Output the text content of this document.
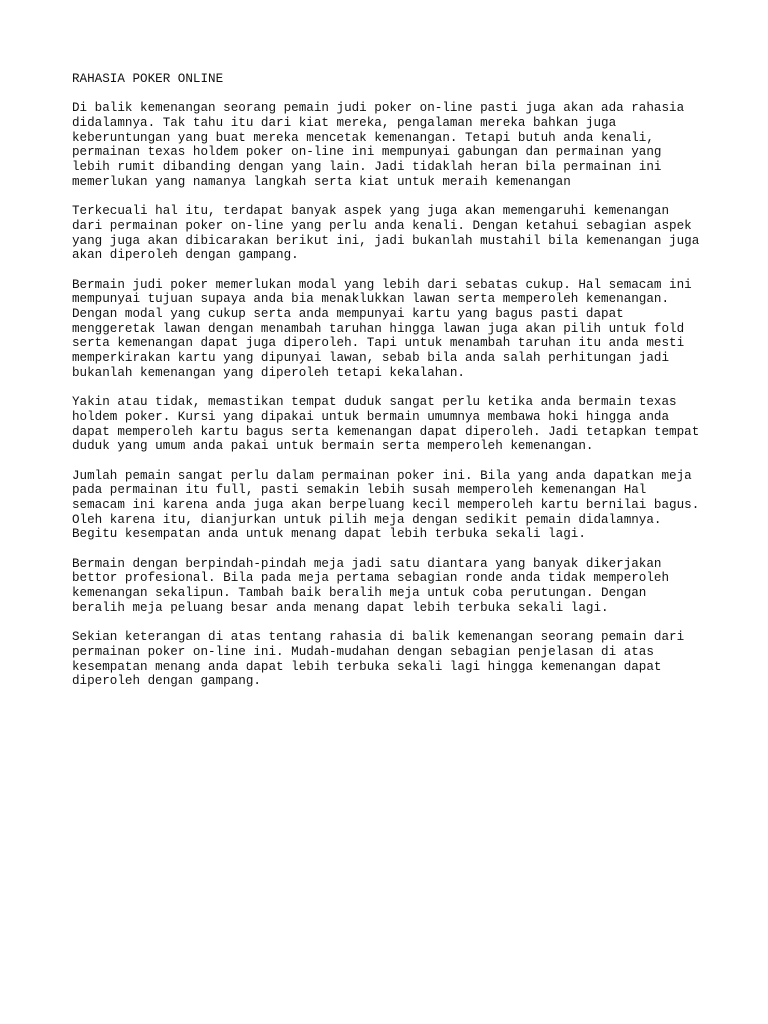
RAHASIA POKER ONLINE
Di balik kemenangan seorang pemain judi poker on-line pasti juga akan ada rahasia
didalamnya. Tak tahu itu dari kiat mereka, pengalaman mereka bahkan juga
keberuntungan yang buat mereka mencetak kemenangan. Tetapi butuh anda kenali,
permainan texas holdem poker on-line ini mempunyai gabungan dan permainan yang
lebih rumit dibanding dengan yang lain. Jadi tidaklah heran bila permainan ini
memerlukan yang namanya langkah serta kiat untuk meraih kemenangan
Terkecuali hal itu, terdapat banyak aspek yang juga akan memengaruhi kemenangan
dari permainan poker on-line yang perlu anda kenali. Dengan ketahui sebagian aspek
yang juga akan dibicarakan berikut ini, jadi bukanlah mustahil bila kemenangan juga
akan diperoleh dengan gampang.
Bermain judi poker memerlukan modal yang lebih dari sebatas cukup. Hal semacam ini
mempunyai tujuan supaya anda bia menaklukkan lawan serta memperoleh kemenangan.
Dengan modal yang cukup serta anda mempunyai kartu yang bagus pasti dapat
menggeretak lawan dengan menambah taruhan hingga lawan juga akan pilih untuk fold
serta kemenangan dapat juga diperoleh. Tapi untuk menambah taruhan itu anda mesti
memperkirakan kartu yang dipunyai lawan, sebab bila anda salah perhitungan jadi
bukanlah kemenangan yang diperoleh tetapi kekalahan.
Yakin atau tidak, memastikan tempat duduk sangat perlu ketika anda bermain texas
holdem poker. Kursi yang dipakai untuk bermain umumnya membawa hoki hingga anda
dapat memperoleh kartu bagus serta kemenangan dapat diperoleh. Jadi tetapkan tempat
duduk yang umum anda pakai untuk bermain serta memperoleh kemenangan.
Jumlah pemain sangat perlu dalam permainan poker ini. Bila yang anda dapatkan meja
pada permainan itu full, pasti semakin lebih susah memperoleh kemenangan Hal
semacam ini karena anda juga akan berpeluang kecil memperoleh kartu bernilai bagus.
Oleh karena itu, dianjurkan untuk pilih meja dengan sedikit pemain didalamnya.
Begitu kesempatan anda untuk menang dapat lebih terbuka sekali lagi.
Bermain dengan berpindah-pindah meja jadi satu diantara yang banyak dikerjakan
bettor profesional. Bila pada meja pertama sebagian ronde anda tidak memperoleh
kemenangan sekalipun. Tambah baik beralih meja untuk coba perutungan. Dengan
beralih meja peluang besar anda menang dapat lebih terbuka sekali lagi.
Sekian keterangan di atas tentang rahasia di balik kemenangan seorang pemain dari
permainan poker on-line ini. Mudah-mudahan dengan sebagian penjelasan di atas
kesempatan menang anda dapat lebih terbuka sekali lagi hingga kemenangan dapat
diperoleh dengan gampang.
